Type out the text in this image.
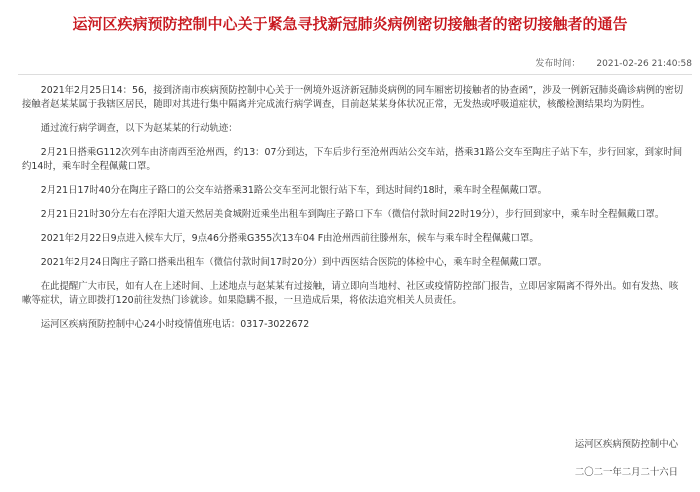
运河区疾病预防控制中心关于紧急寻找新冠肺炎病例密切接触者的密切接触者的通告
发布时间： 2021-02-26 21:40:58

2021年2月25日14：56，接到济南市疾病预防控制中心关于一例境外返济新冠肺炎病例的同车厢密切接触者的协查函”，涉及一例新冠肺炎确诊病例的密切接触者赵某某属于我辖区居民，随即对其进行集中隔离并完成流行病学调查，目前赵某某身体状况正常，无发热或呼吸道症状，核酸检测结果均为阴性。

通过流行病学调查，以下为赵某某的行动轨迹：

2月21日搭乘G112次列车由济南西至沧州西，约13：07分到达，下车后步行至沧州西站公交车站，搭乘31路公交车至陶庄子站下车，步行回家，到家时间约14时，乘车时全程佩戴口罩。

2月21日17时40分在陶庄子路口的公交车站搭乘31路公交车至河北银行站下车，到达时间约18时，乘车时全程佩戴口罩。

2月21日21时30分左右在浮阳大道天然居美食城附近乘坐出租车到陶庄子路口下车（微信付款时间22时19分），步行回到家中，乘车时全程佩戴口罩。

2021年2月22日9点进入候车大厅，9点46分搭乘G355次13车04 F由沧州西前往滕州东，候车与乘车时全程佩戴口罩。

2021年2月24日陶庄子路口搭乘出租车（微信付款时间17时20分）到中西医结合医院的体检中心，乘车时全程佩戴口罩。

在此提醒广大市民，如有人在上述时间、上述地点与赵某某有过接触，请立即向当地村、社区或疫情防控部门报告，立即居家隔离不得外出。如有发热、咳嗽等症状，请立即拨打120前往发热门诊就诊。如果隐瞒不报，一旦造成后果，将依法追究相关人员责任。

运河区疾病预防控制中心24小时疫情值班电话：0317-3022672

运河区疾病预防控制中心
二〇二一年二月二十六日
